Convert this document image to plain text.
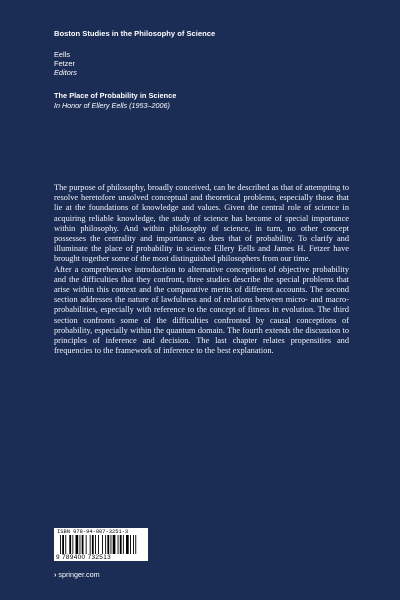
Boston Studies in the Philosophy of Science
Eells
Fetzer
Editors
The Place of Probability in Science
In Honor of Ellery Eells (1953–2006)

The purpose of philosophy, broadly conceived, can be described as that of attempting to resolve heretofore unsolved conceptual and theoretical problems, especially those that lie at the foundations of knowledge and values. Given the central role of science in acquiring reliable knowledge, the study of science has become of special importance within philosophy. And within philosophy of science, in turn, no other concept possesses the centrality and importance as does that of probability. To clarify and illuminate the place of probability in science Ellery Eells and James H. Fetzer have brought together some of the most distinguished philosophers from our time.

After a comprehensive introduction to alternative conceptions of objective probability and the difficulties that they confront, three studies describe the special problems that arise within this context and the comparative merits of different accounts. The second section addresses the nature of lawfulness and of relations between micro- and macro-probabilities, especially with reference to the concept of fitness in evolution. The third section confronts some of the difficulties confronted by causal conceptions of probability, especially within the quantum domain. The fourth extends the discussion to principles of inference and decision. The last chapter relates propensities and frequencies to the framework of inference to the best explanation.

ISBN 978-94-007-3251-3
9 789400 732513
› springer.com
